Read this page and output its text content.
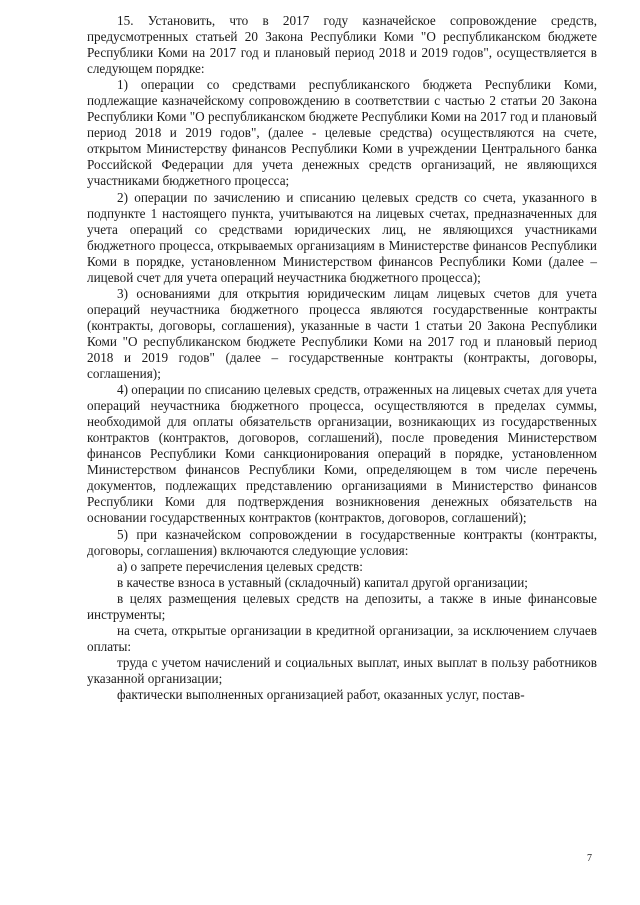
15. Установить, что в 2017 году казначейское сопровождение средств, предусмотренных статьей 20 Закона Республики Коми "О республиканском бюджете Республики Коми на 2017 год и плановый период 2018 и 2019 годов", осуществляется в следующем порядке:

1) операции со средствами республиканского бюджета Республики Коми, подлежащие казначейскому сопровождению в соответствии с частью 2 статьи 20 Закона Республики Коми "О республиканском бюджете Республики Коми на 2017 год и плановый период 2018 и 2019 годов", (далее - целевые средства) осуществляются на счете, открытом Министерству финансов Республики Коми в учреждении Центрального банка Российской Федерации для учета денежных средств организаций, не являющихся участниками бюджетного процесса;

2) операции по зачислению и списанию целевых средств со счета, указанного в подпункте 1 настоящего пункта, учитываются на лицевых счетах, предназначенных для учета операций со средствами юридических лиц, не являющихся участниками бюджетного процесса, открываемых организациям в Министерстве финансов Республики Коми в порядке, установленном Министерством финансов Республики Коми (далее – лицевой счет для учета операций неучастника бюджетного процесса);

3) основаниями для открытия юридическим лицам лицевых счетов для учета операций неучастника бюджетного процесса являются государственные контракты (контракты, договоры, соглашения), указанные в части 1 статьи 20 Закона Республики Коми "О республиканском бюджете Республики Коми на 2017 год и плановый период 2018 и 2019 годов" (далее – государственные контракты (контракты, договоры, соглашения);

4) операции по списанию целевых средств, отраженных на лицевых счетах для учета операций неучастника бюджетного процесса, осуществляются в пределах суммы, необходимой для оплаты обязательств организации, возникающих из государственных контрактов (контрактов, договоров, соглашений), после проведения Министерством финансов Республики Коми санкционирования операций в порядке, установленном Министерством финансов Республики Коми, определяющем в том числе перечень документов, подлежащих представлению организациями в Министерство финансов Республики Коми для подтверждения возникновения денежных обязательств на основании государственных контрактов (контрактов, договоров, соглашений);

5) при казначейском сопровождении в государственные контракты (контракты, договоры, соглашения) включаются следующие условия:

а) о запрете перечисления целевых средств:

в качестве взноса в уставный (складочный) капитал другой организации;

в целях размещения целевых средств на депозиты, а также в иные финансовые инструменты;

на счета, открытые организации в кредитной организации, за исключением случаев оплаты:

труда с учетом начислений и социальных выплат, иных выплат в пользу работников указанной организации;

фактически выполненных организацией работ, оказанных услуг, постав-

7
